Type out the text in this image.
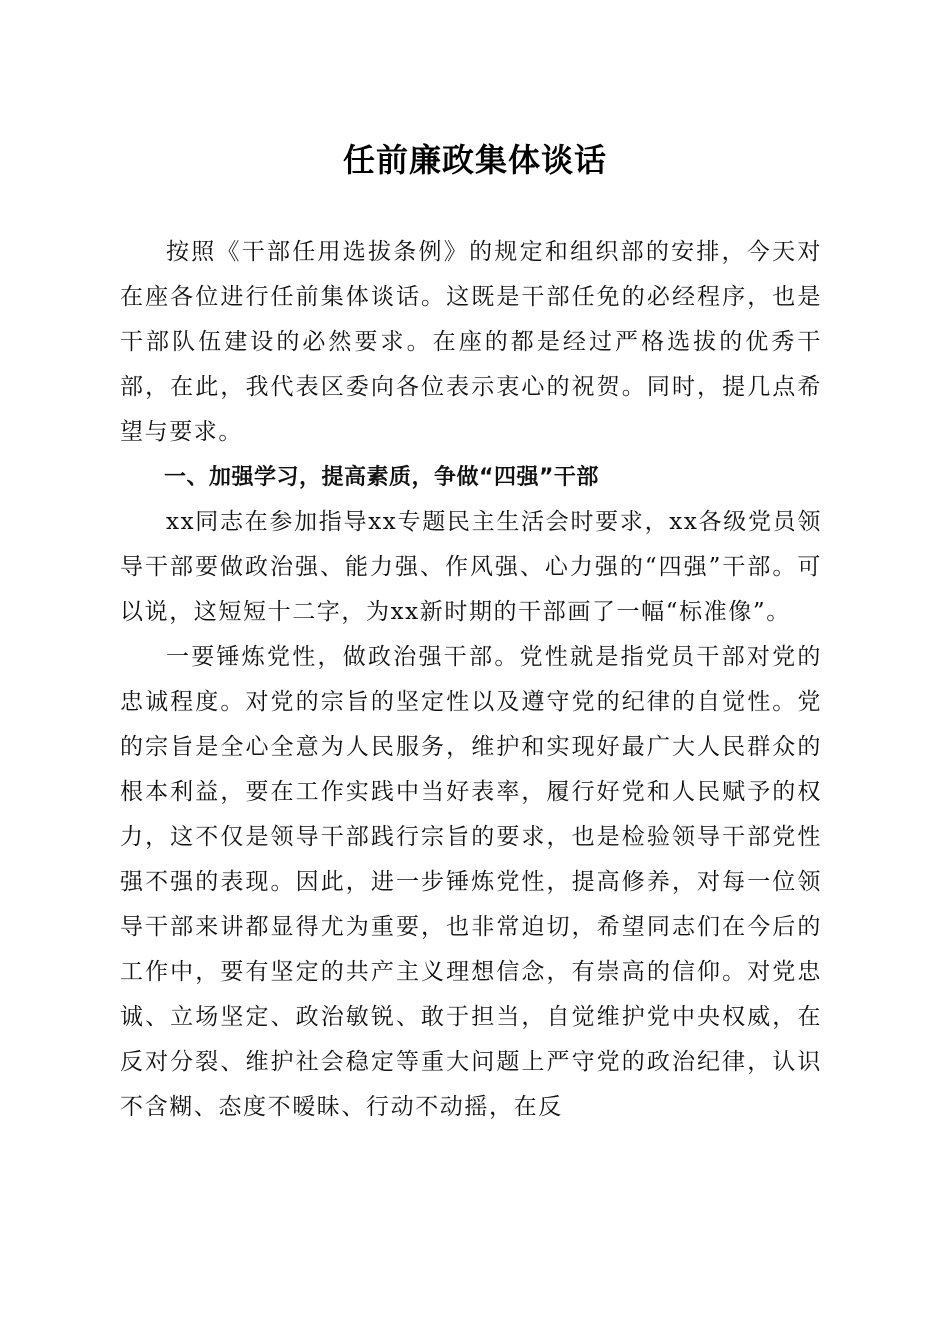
任前廉政集体谈话

按照《干部任用选拔条例》的规定和组织部的安排，今天对在座各位进行任前集体谈话。这既是干部任免的必经程序，也是干部队伍建设的必然要求。在座的都是经过严格选拔的优秀干部，在此，我代表区委向各位表示衷心的祝贺。同时，提几点希望与要求。

一、加强学习，提高素质，争做“四强”干部

xx同志在参加指导xx专题民主生活会时要求，xx各级党员领导干部要做政治强、能力强、作风强、心力强的“四强”干部。可以说，这短短十二字，为xx新时期的干部画了一幅“标准像”。

一要锤炼党性，做政治强干部。党性就是指党员干部对党的忠诚程度。对党的宗旨的坚定性以及遵守党的纪律的自觉性。党的宗旨是全心全意为人民服务，维护和实现好最广大人民群众的根本利益，要在工作实践中当好表率，履行好党和人民赋予的权力，这不仅是领导干部践行宗旨的要求，也是检验领导干部党性强不强的表现。因此，进一步锤炼党性，提高修养，对每一位领导干部来讲都显得尤为重要，也非常迫切，希望同志们在今后的工作中，要有坚定的共产主义理想信念，有崇高的信仰。对党忠诚、立场坚定、政治敏锐、敢于担当，自觉维护党中央权威，在反对分裂、维护社会稳定等重大问题上严守党的政治纪律，认识不含糊、态度不暧昧、行动不动摇，在反
